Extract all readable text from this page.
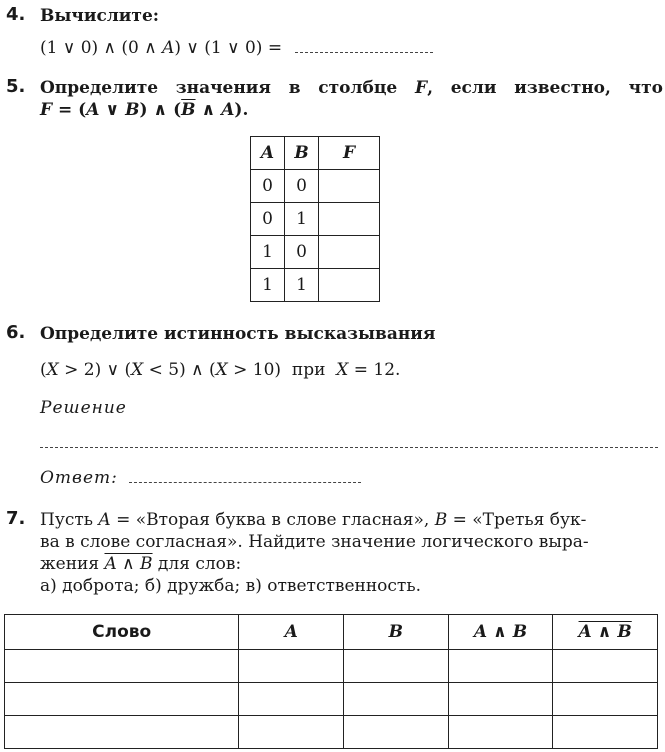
4. Вычислите:
(1 ∨ 0) ∧ (0 ∧ A) ∨ (1 ∨ 0) =
5. Определите   значения   в   столбце   F,   если   известно,   что
F = (A ∨ B) ∧ ($\overline{B}$ ∧ A).
A	B	F
0	0	
0	1	
1	0	
1	1	
6. Определите истинность высказывания
(X > 2) ∨ (X < 5) ∧ (X > 10)  при  X = 12.
Решение
Ответ:
7. Пусть A = «Вторая буква в слове гласная», B = «Третья бук-
ва в слове согласная». Найдите значение логического выра-
жения A ∧ B для слов:
а) доброта; б) дружба; в) ответственность.
Слово	A	B	A ∧ B	A ∧ B
